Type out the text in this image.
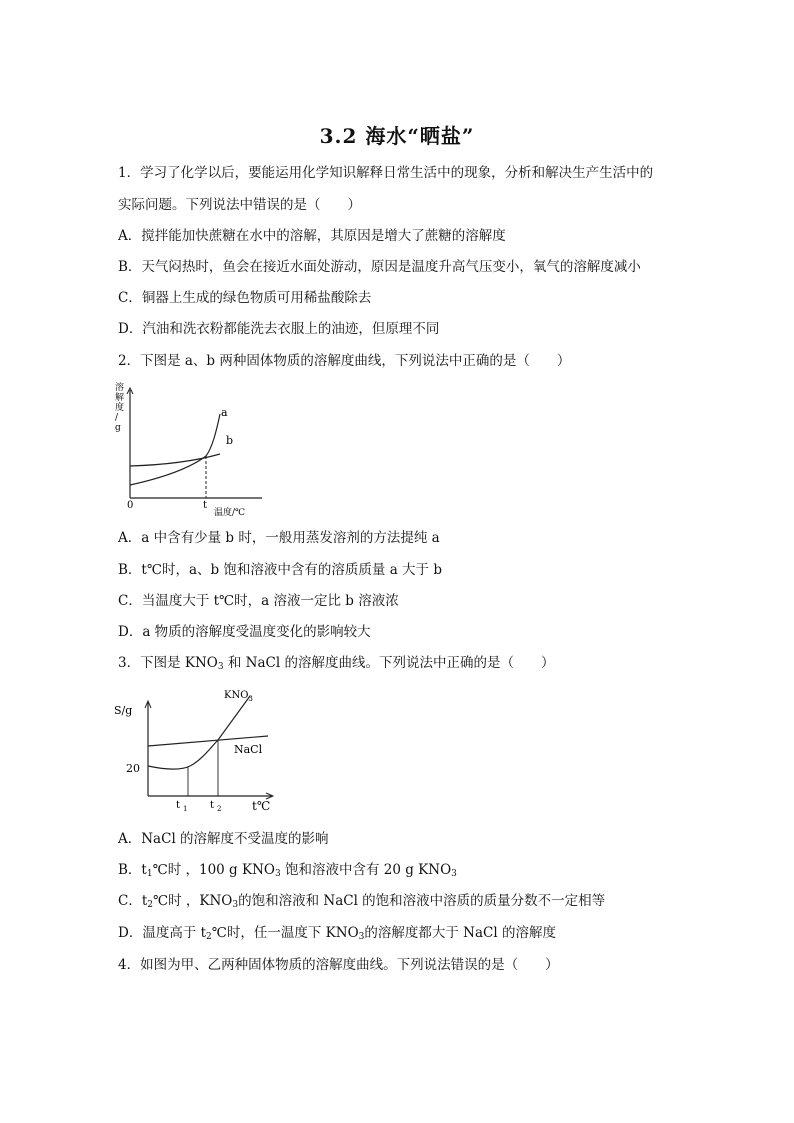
3.2 海水“晒盐”
1．学习了化学以后，要能运用化学知识解释日常生活中的现象，分析和解决生产生活中的
实际问题。下列说法中错误的是（　　）
A．搅拌能加快蔗糖在水中的溶解，其原因是增大了蔗糖的溶解度
B．天气闷热时，鱼会在接近水面处游动，原因是温度升高气压变小，氧气的溶解度减小
C．铜器上生成的绿色物质可用稀盐酸除去
D．汽油和洗衣粉都能洗去衣服上的油迹，但原理不同
2．下图是 a、b 两种固体物质的溶解度曲线，下列说法中正确的是（　　）
溶 解 度 / g
a
b
0	t
温度/℃
A．a 中含有少量 b 时，一般用蒸发溶剂的方法提纯 a
B．t℃时，a、b 饱和溶液中含有的溶质质量 a 大于 b
C．当温度大于 t℃时，a 溶液一定比 b 溶液浓
D．a 物质的溶解度受温度变化的影响较大
3．下图是 $KNO_3$ 和 NaCl 的溶解度曲线。下列说法中正确的是（　　）
S/g
20
$KNO_3$
NaCl
t $_1$ t $_2$	t℃
A．NaCl 的溶解度不受温度的影响
B．$t_1℃$时 ，100 g $KNO_3$ 饱和溶液中含有 20 g $KNO_3$
C．$t_2℃$时 ，$KNO_3$的饱和溶液和 NaCl 的饱和溶液中溶质的质量分数不一定相等
D．温度高于 $t_2℃$时，任一温度下 $KNO_3$的溶解度都大于 NaCl 的溶解度
4．如图为甲、乙两种固体物质的溶解度曲线。下列说法错误的是（　　）
